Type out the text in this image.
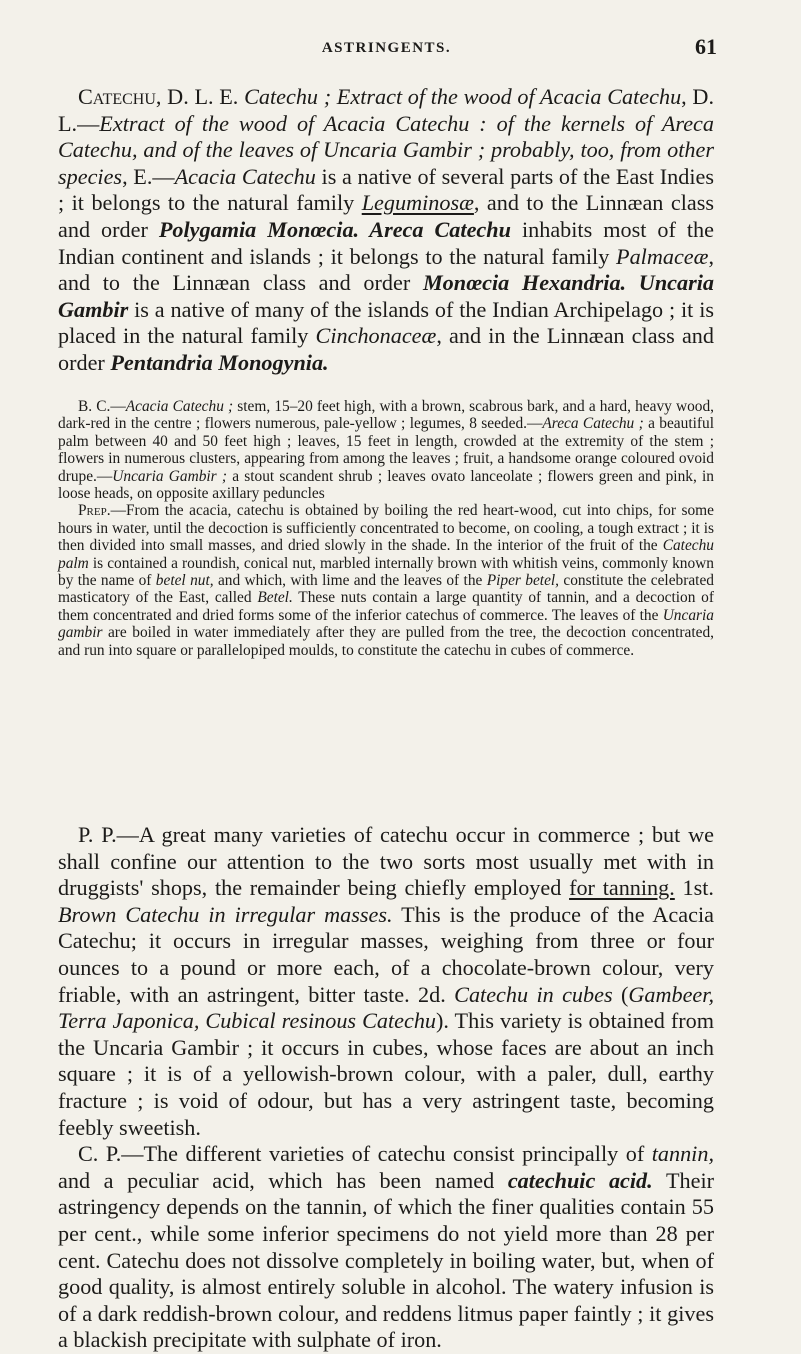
ASTRINGENTS.	61

Catechu, D. L. E. Catechu ; Extract of the wood of Acacia Catechu, D. L.—Extract of the wood of Acacia Catechu : of the kernels of Areca Catechu, and of the leaves of Uncaria Gambir ; probably, too, from other species, E.—Acacia Catechu is a native of several parts of the East Indies ; it belongs to the natural family Leguminosæ, and to the Linnæan class and order Polygamia Monœcia. Areca Catechu inhabits most of the Indian continent and islands ; it belongs to the natural family Palmaceæ, and to the Linnæan class and order Monœcia Hexandria. Uncaria Gambir is a native of many of the islands of the Indian Archipelago ; it is placed in the natural family Cinchonaceæ, and in the Linnæan class and order Pentandria Monogynia.

B. C.—Acacia Catechu ; stem, 15–20 feet high, with a brown, scabrous bark, and a hard, heavy wood, dark-red in the centre ; flowers numerous, pale-yellow ; legumes, 8 seeded.—Areca Catechu ; a beautiful palm between 40 and 50 feet high ; leaves, 15 feet in length, crowded at the extremity of the stem ; flowers in numerous clusters, appearing from among the leaves ; fruit, a handsome orange coloured ovoid drupe.—Uncaria Gambir ; a stout scandent shrub ; leaves ovato lanceolate ; flowers green and pink, in loose heads, on opposite axillary peduncles

Prep.—From the acacia, catechu is obtained by boiling the red heart-wood, cut into chips, for some hours in water, until the decoction is sufficiently concentrated to become, on cooling, a tough extract ; it is then divided into small masses, and dried slowly in the shade. In the interior of the fruit of the Catechu palm is contained a roundish, conical nut, marbled internally brown with whitish veins, commonly known by the name of betel nut, and which, with lime and the leaves of the Piper betel, constitute the celebrated masticatory of the East, called Betel. These nuts contain a large quantity of tannin, and a decoction of them concentrated and dried forms some of the inferior catechus of commerce. The leaves of the Uncaria gambir are boiled in water immediately after they are pulled from the tree, the decoction concentrated, and run into square or parallelopiped moulds, to constitute the catechu in cubes of commerce.

P. P.—A great many varieties of catechu occur in commerce ; but we shall confine our attention to the two sorts most usually met with in druggists' shops, the remainder being chiefly employed for tanning. 1st. Brown Catechu in irregular masses. This is the produce of the Acacia Catechu; it occurs in irregular masses, weighing from three or four ounces to a pound or more each, of a chocolate-brown colour, very friable, with an astringent, bitter taste. 2d. Catechu in cubes (Gambeer, Terra Japonica, Cubical resinous Catechu). This variety is obtained from the Uncaria Gambir ; it occurs in cubes, whose faces are about an inch square ; it is of a yellowish-brown colour, with a paler, dull, earthy fracture ; is void of odour, but has a very astringent taste, becoming feebly sweetish.

C. P.—The different varieties of catechu consist principally of tannin, and a peculiar acid, which has been named catechuic acid. Their astringency depends on the tannin, of which the finer qualities contain 55 per cent., while some inferior specimens do not yield more than 28 per cent. Catechu does not dissolve completely in boiling water, but, when of good quality, is almost entirely soluble in alcohol. The watery infusion is of a dark reddish-brown colour, and reddens litmus paper faintly ; it gives a blackish precipitate with sulphate of iron.
